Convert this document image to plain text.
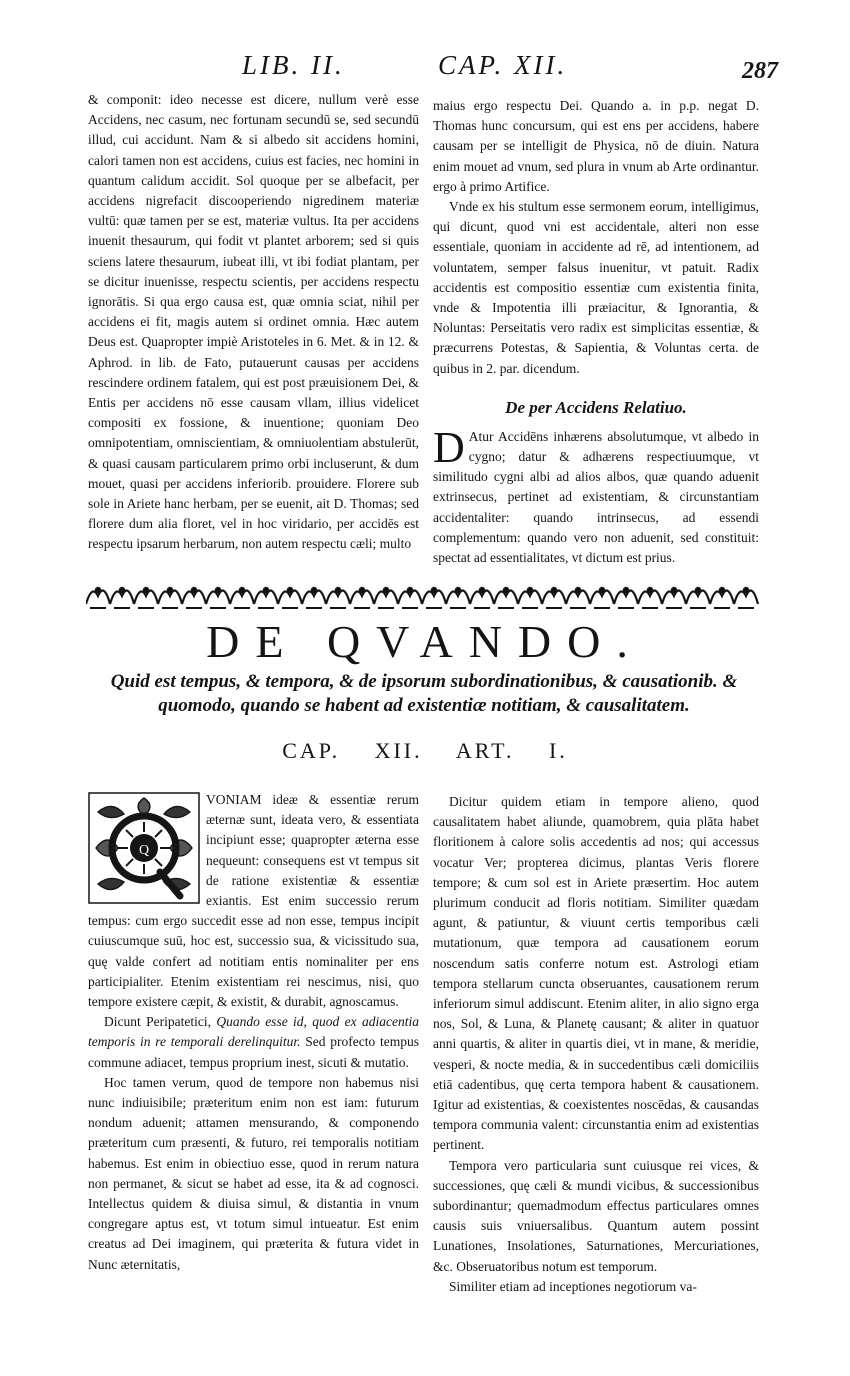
LIB. II.	CAP. XII.	287

& componit: ideo necesse est dicere, nullum verè esse Accidens, nec casum, nec fortunam secundū se, sed secundū illud, cui accidunt. Nam & si albedo sit accidens homini, calori tamen non est accidens, cuius est facies, nec homini in quantum calidum accidit. Sol quoque per se albefacit, per accidens nigrefacit discooperiendo nigredinem materiæ vultū: quæ tamen per se est, materiæ vultus. Ita per accidens inuenit thesaurum, qui fodit vt plantet arborem; sed si quis sciens latere thesaurum, iubeat illi, vt ibi fodiat plantam, per se dicitur inuenisse, respectu scientis, per accidens respectu ignorātis. Si qua ergo causa est, quæ omnia sciat, nihil per accidens ei fit, magis autem si ordinet omnia. Hæc autem Deus est. Quapropter impiè Aristoteles in 6. Met. & in 12. & Aphrod. in lib. de Fato, putauerunt causas per accidens rescindere ordinem fatalem, qui est post præuisionem Dei, & Entis per accidens nō esse causam vllam, illius videlicet compositi ex fossione, & inuentione; quoniam Deo omnipotentiam, omniscientiam, & omniuolentiam abstulerūt, & quasi causam particularem primo orbi incluserunt, & dum mouet, quasi per accidens inferiorib. prouidere. Florere sub sole in Ariete hanc herbam, per se euenit, ait D. Thomas; sed florere dum alia floret, vel in hoc viridario, per accidēs est respectu ipsarum herbarum, non autem respectu cæli; multo

maius ergo respectu Dei. Quando a. in p.p. negat D. Thomas hunc concursum, qui est ens per accidens, habere causam per se intelligit de Physica, nō de diuin. Natura enim mouet ad vnum, sed plura in vnum ab Arte ordinantur. ergo à primo Artifice.

Vnde ex his stultum esse sermonem eorum, intelligimus, qui dicunt, quod vni est accidentale, alteri non esse essentiale, quoniam in accidente ad rē, ad intentionem, ad voluntatem, semper falsus inuenitur, vt patuit. Radix accidentis est compositio essentiæ cum existentia finita, vnde & Impotentia illi præiacitur, & Ignorantia, & Noluntas: Perseitatis vero radix est simplicitas essentiæ, & præcurrens Potestas, & Sapientia, & Voluntas certa. de quibus in 2. par. dicendum.

De per Accidens Relatiuo.

D Atur Accidēns inhærens absolutumque, vt albedo in cygno; datur & adhærens respectiuumque, vt similitudo cygni albi ad alios albos, quæ quando aduenit extrinsecus, pertinet ad existentiam, & circunstantiam accidentaliter: quando intrinsecus, ad essendi complementum: quando vero non aduenit, sed constituit: spectat ad essentialitates, vt dictum est prius.

DE QVANDO.
Quid est tempus, & tempora, & de ipsorum subordinationibus, & causationib. & quomodo, quando se habent ad existentiæ notitiam, & causalitatem.
CAP. XII. ART. I.
Q

VONIAM ideæ & essentiæ rerum æternæ sunt, ideata vero, & essentiata incipiunt esse; quapropter æterna esse nequeunt: consequens est vt tempus sit de ratione existentiæ & essentiæ exiantis. Est enim successio rerum tempus: cum ergo succedit esse ad non esse, tempus incipit cuiuscumque suū, hoc est, successio sua, & vicissitudo sua, quę valde confert ad notitiam entis nominaliter per ens participialiter. Etenim existentiam rei nescimus, nisi, quo tempore existere cæpit, & existit, & durabit, agnoscamus.

Dicunt Peripatetici, Quando esse id, quod ex adiacentia temporis in re temporali derelinquitur. Sed profecto tempus commune adiacet, tempus proprium inest, sicuti & mutatio.

Hoc tamen verum, quod de tempore non habemus nisi nunc indiuisibile; præteritum enim non est iam: futurum nondum aduenit; attamen mensurando, & componendo præteritum cum præsenti, & futuro, rei temporalis notitiam habemus. Est enim in obiectiuo esse, quod in rerum natura non permanet, & sicut se habet ad esse, ita & ad cognosci. Intellectus quidem & diuisa simul, & distantia in vnum congregare aptus est, vt totum simul intueatur. Est enim creatus ad Dei imaginem, qui præterita & futura videt in Nunc æternitatis,

Dicitur quidem etiam in tempore alieno, quod causalitatem habet aliunde, quamobrem, quia plāta habet floritionem à calore solis accedentis ad nos; qui accessus vocatur Ver; propterea dicimus, plantas Veris florere tempore; & cum sol est in Ariete præsertim. Hoc autem plurimum conducit ad floris notitiam. Similiter quædam agunt, & patiuntur, & viuunt certis temporibus cæli mutationum, quæ tempora ad causationem eorum noscendum satis conferre notum est. Astrologi etiam tempora stellarum cuncta obseruantes, causationem rerum inferiorum simul addiscunt. Etenim aliter, in alio signo erga nos, Sol, & Luna, & Planetę causant; & aliter in quatuor anni quartis, & aliter in quartis diei, vt in mane, & meridie, vesperi, & nocte media, & in succedentibus cæli domiciliis etiā cadentibus, quę certa tempora habent & causationem. Igitur ad existentias, & coexistentes noscēdas, & causandas tempora communia valent: circunstantia enim ad existentias pertinent.

Tempora vero particularia sunt cuiusque rei vices, & successiones, quę cæli & mundi vicibus, & successionibus subordinantur; quemadmodum effectus particulares omnes causis suis vniuersalibus. Quantum autem possint Lunationes, Insolationes, Saturnationes, Mercuriationes, &c. Obseruatoribus notum est temporum.

Similiter etiam ad inceptiones negotiorum va-
